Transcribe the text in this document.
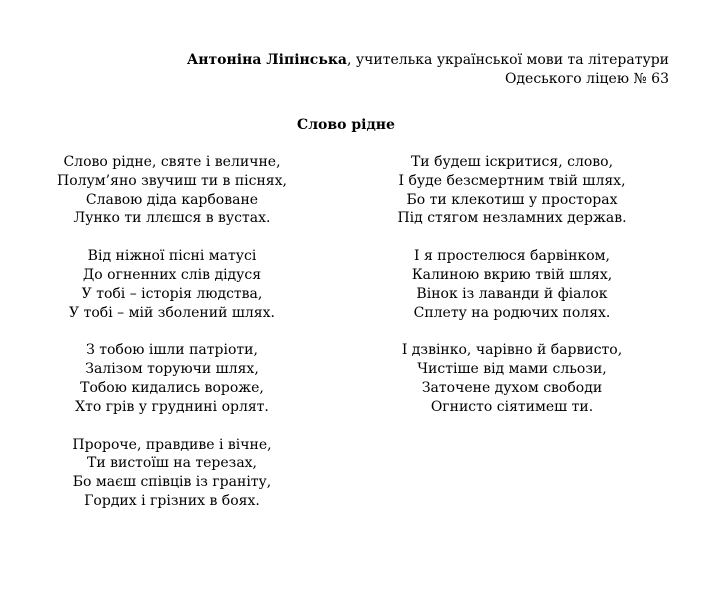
Антоніна Ліпінська, учителька української мови та літератури
Одеського ліцею № 63
Слово рідне
Слово рідне, святе і величне,
Полум’яно звучиш ти в піснях,
Славою діда карбоване
Лунко ти ллєшся в вустах.
Від ніжної пісні матусі
До огненних слів дідуся
У тобі – історія людства,
У тобі – мій зболений шлях.
З тобою ішли патріоти,
Залізом торуючи шлях,
Тобою кидались вороже,
Хто грів у груднині орлят.
Пророче, правдиве і вічне,
Ти вистоїш на терезах,
Бо маєш співців із граніту,
Гордих і грізних в боях.
Ти будеш іскритися, слово,
І буде безсмертним твій шлях,
Бо ти клекотиш у просторах
Під стягом незламних держав.
І я простелюся барвінком,
Калиною вкрию твій шлях,
Вінок із лаванди й фіалок
Сплету на родючих полях.
І дзвінко, чарівно й барвисто,
Чистіше від мами сльози,
Заточене духом свободи
Огнисто сіятимеш ти.
